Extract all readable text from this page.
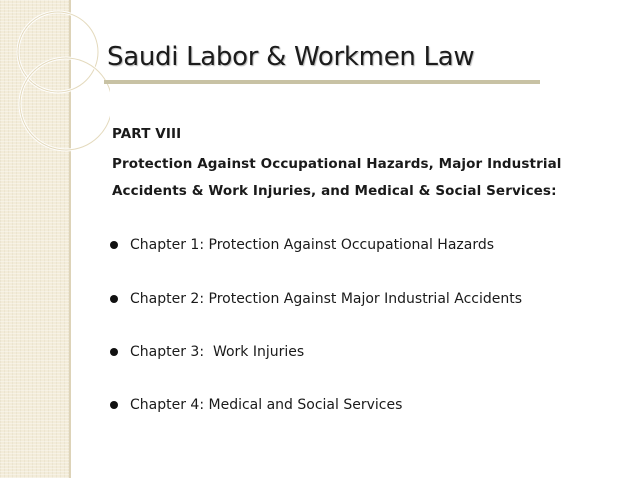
Saudi Labor & Workmen Law
PART VIII
Protection Against Occupational Hazards, Major Industrial
Accidents & Work Injuries, and Medical & Social Services:
Chapter 1: Protection Against Occupational Hazards
Chapter 2: Protection Against Major Industrial Accidents
Chapter 3:  Work Injuries
Chapter 4: Medical and Social Services
